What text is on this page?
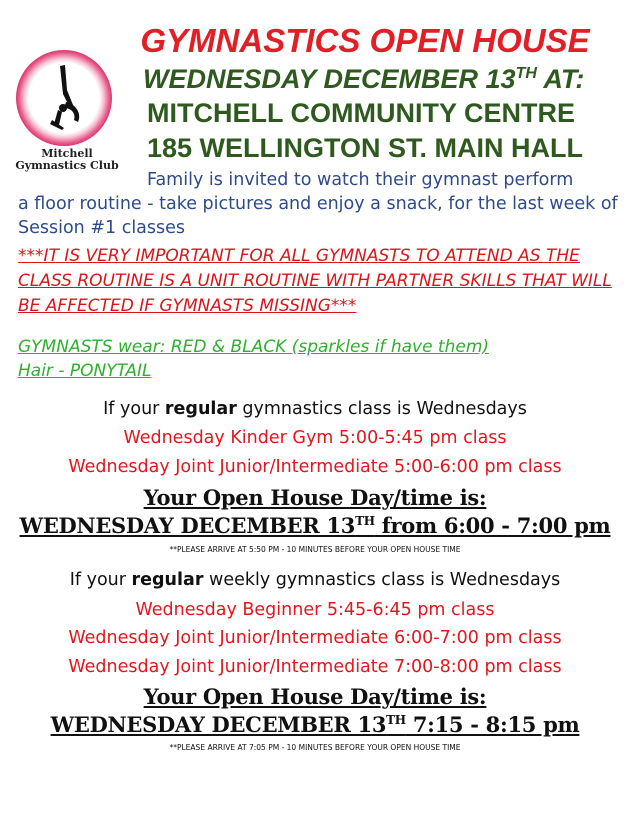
Mitchell
Gymnastics Club
GYMNASTICS OPEN HOUSE
WEDNESDAY DECEMBER 13TH AT:
MITCHELL COMMUNITY CENTRE
185 WELLINGTON ST. MAIN HALL
Family is invited to watch their gymnast perform
a floor routine - take pictures and enjoy a snack, for the last week of Session #1 classes
***IT IS VERY IMPORTANT FOR ALL GYMNASTS TO ATTEND AS THE CLASS ROUTINE IS A UNIT ROUTINE WITH PARTNER SKILLS THAT WILL BE AFFECTED IF GYMNASTS MISSING***
GYMNASTS wear: RED & BLACK (sparkles if have them)
Hair - PONYTAIL
If your regular gymnastics class is Wednesdays
Wednesday Kinder Gym 5:00-5:45 pm class
Wednesday Joint Junior/Intermediate 5:00-6:00 pm class
Your Open House Day/time is:
WEDNESDAY DECEMBER 13TH from 6:00 - 7:00 pm
**PLEASE ARRIVE AT 5:50 PM - 10 MINUTES BEFORE YOUR OPEN HOUSE TIME
If your regular weekly gymnastics class is Wednesdays
Wednesday Beginner 5:45-6:45 pm class
Wednesday Joint Junior/Intermediate 6:00-7:00 pm class
Wednesday Joint Junior/Intermediate 7:00-8:00 pm class
Your Open House Day/time is:
WEDNESDAY DECEMBER 13TH 7:15 - 8:15 pm
**PLEASE ARRIVE AT 7:05 PM - 10 MINUTES BEFORE YOUR OPEN HOUSE TIME
